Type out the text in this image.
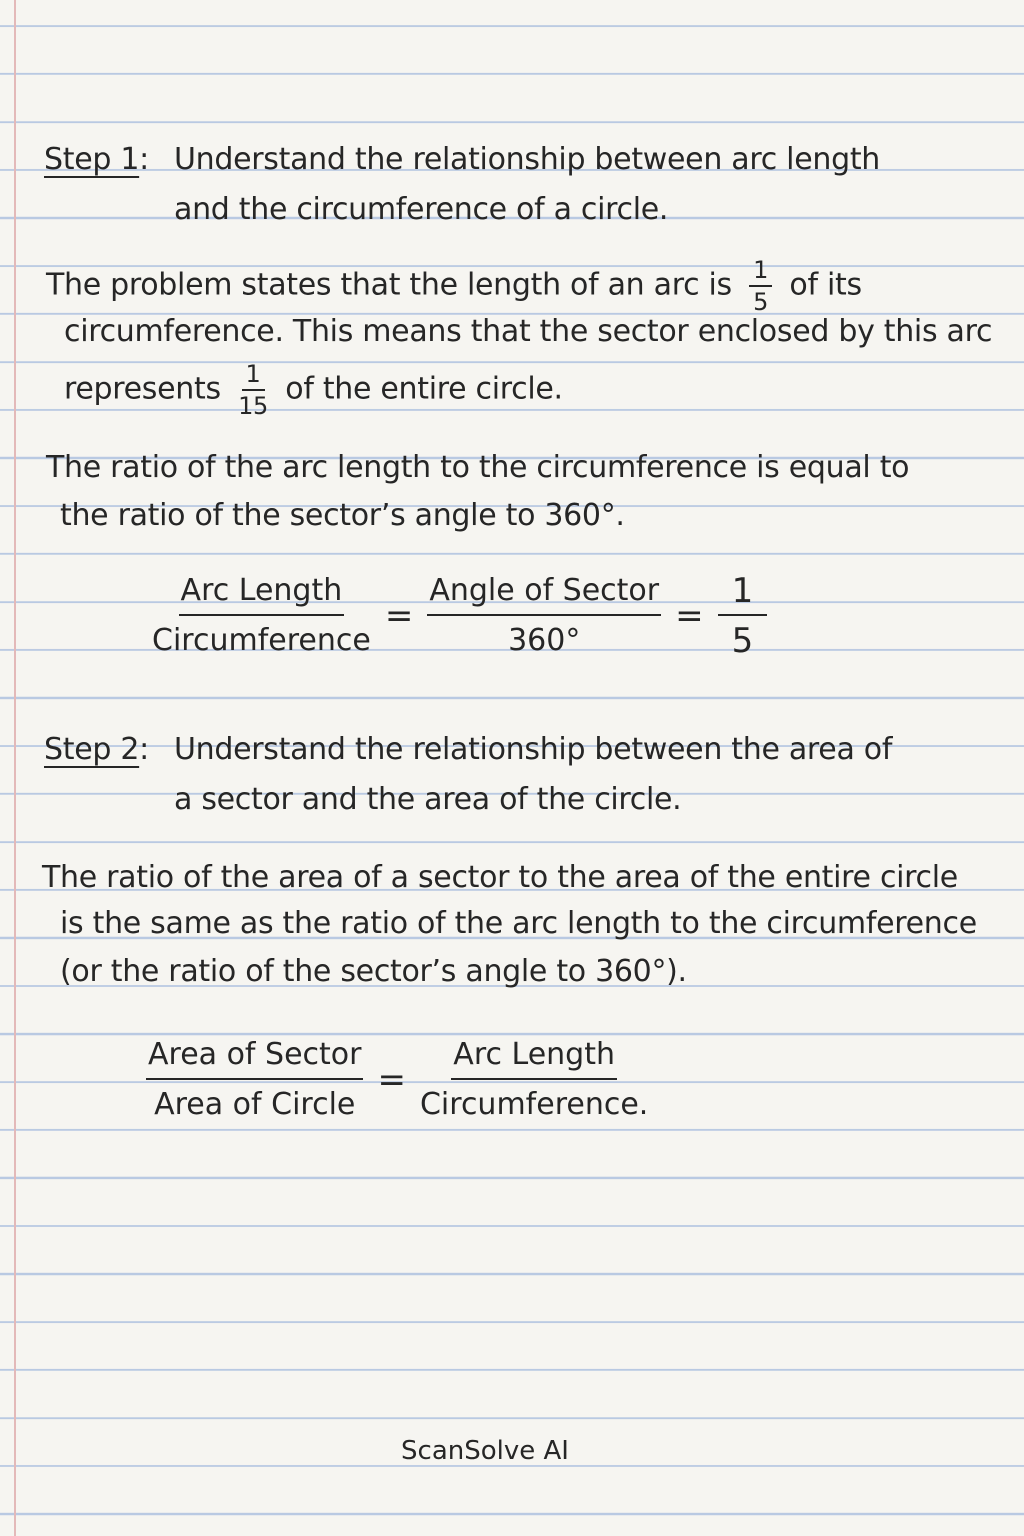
Step 1: Understand the relationship between arc length
and the circumference of a circle.
The problem states that the length of an arc is $\frac{1}{5}$ of its
circumference. This means that the sector enclosed by this arc
represents $\frac{1}{15}$ of the entire circle.
The ratio of the arc length to the circumference is equal to
the ratio of the sector’s angle to 360°.
$\frac{\text{Arc Length}}{\text{Circumference}} = \frac{\text{Angle of Sector}}{360^\circ} = \frac{1}{5}$
Step 2: Understand the relationship between the area of
a sector and the area of the circle.
The ratio of the area of a sector to the area of the entire circle
is the same as the ratio of the arc length to the circumference
(or the ratio of the sector’s angle to 360°).
$\frac{\text{Area of Sector}}{\text{Area of Circle}} = \frac{\text{Arc Length}}{\text{Circumference.}}$
ScanSolve AI
